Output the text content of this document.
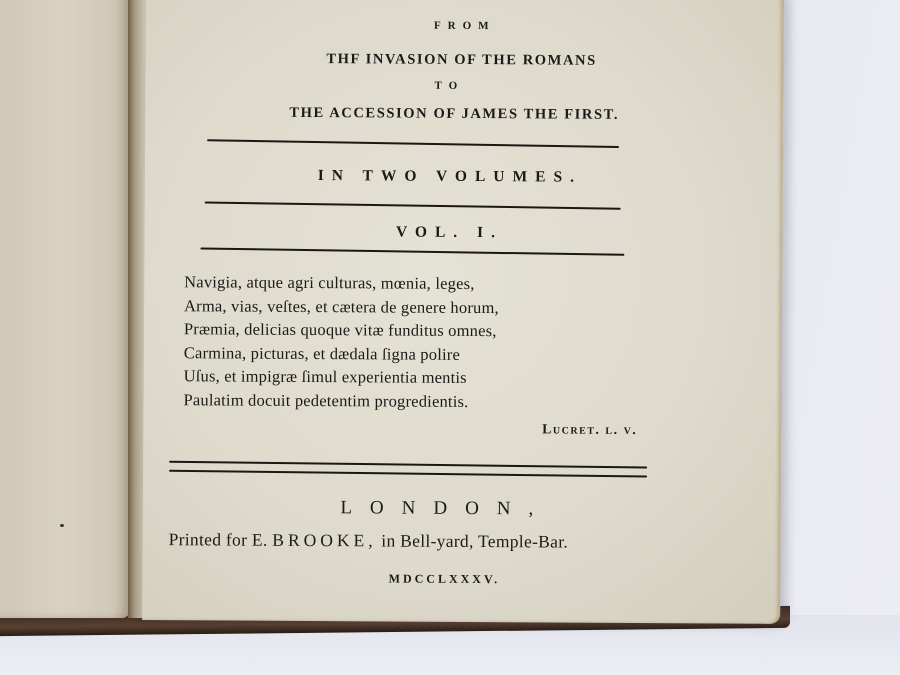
FROM
THF INVASION OF THE ROMANS
TO
THE ACCESSION OF JAMES THE FIRST.
IN TWO VOLUMES.
VOL. I.
Navigia, atque agri culturas, mœnia, leges,
Arma, vias, veſtes, et cætera de genere horum,
Præmia, delicias quoque vitæ funditus omnes,
Carmina, picturas, et dædala ſigna polire
Uſus, et impigræ ſimul experientia mentis
Paulatim docuit pedetentim progredientis.
Lucret. l. v.
LONDON,
Printed for E. BROOKE, in Bell-yard, Temple-Bar.
MDCCLXXXV.
